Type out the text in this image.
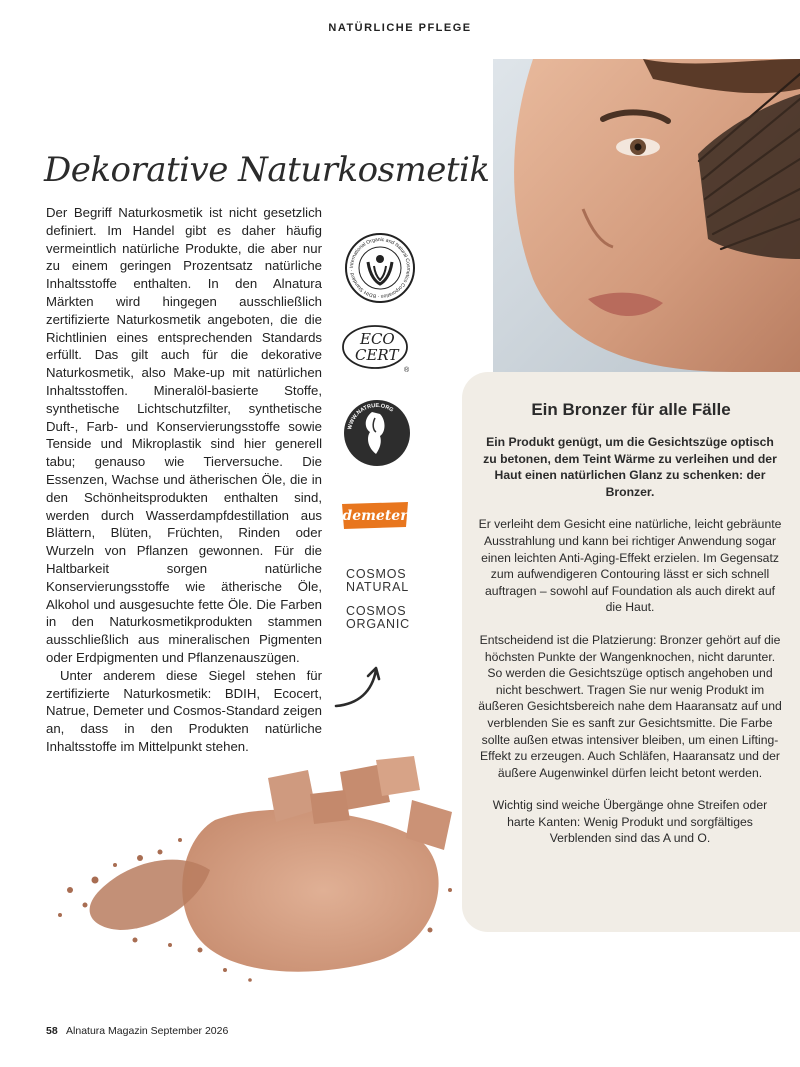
NATÜRLICHE PFLEGE
Dekorative Naturkosmetik

Der Begriff Naturkosmetik ist nicht gesetzlich definiert. Im Handel gibt es daher häufig vermeintlich natürliche Produkte, die aber nur zu einem geringen Prozentsatz natürliche Inhaltsstoffe enthalten. In den Alnatura Märkten wird hingegen ausschließlich zertifizierte Naturkosmetik angeboten, die die Richtlinien eines entsprechenden Standards erfüllt. Das gilt auch für die dekorative Naturkosmetik, also Make-up mit natürlichen Inhaltsstoffen. Mineralöl-basierte Stoffe, synthetische Lichtschutzfilter, synthetische Duft-, Farb- und Konservierungsstoffe sowie Tenside und Mikroplastik sind hier generell tabu; genauso wie Tierversuche. Die Essenzen, Wachse und ätherischen Öle, die in den Schönheitsprodukten enthalten sind, werden durch Wasserdampfdestillation aus Blättern, Blüten, Früchten, Rinden oder Wurzeln von Pflanzen gewonnen. Für die Haltbarkeit sorgen natürliche Konservierungsstoffe wie ätherische Öle, Alkohol und ausgesuchte fette Öle. Die Farben in den Naturkosmetikprodukten stammen ausschließlich aus mineralischen Pigmenten oder Erdpigmenten und Pflanzenauszügen.

Unter anderem diese Siegel stehen für zertifizierte Naturkosmetik: BDIH, Ecocert, Natrue, Demeter und Cosmos-Standard zeigen an, dass in den Produkten natürliche Inhaltsstoffe im Mittelpunkt stehen.

International Organic and Natural Cosmetics Corporation · BDIH Standard ·
ECO
CERT
®
WWW.NATRUE.ORG
demeter
COSMOS
NATURAL
COSMOS
ORGANIC
Ein Bronzer für alle Fälle

Ein Produkt genügt, um die Gesichtszüge optisch zu betonen, dem Teint Wärme zu verleihen und der Haut einen natürlichen Glanz zu schenken: der Bronzer.

Er verleiht dem Gesicht eine natürliche, leicht gebräunte Ausstrahlung und kann bei richtiger Anwendung sogar einen leichten Anti-Aging-Effekt erzielen. Im Gegensatz zum aufwendigeren Contouring lässt er sich schnell auftragen – sowohl auf Foundation als auch direkt auf die Haut.

Entscheidend ist die Platzierung: Bronzer gehört auf die höchsten Punkte der Wangenknochen, nicht darunter. So werden die Gesichtszüge optisch angehoben und nicht beschwert. Tragen Sie nur wenig Produkt im äußeren Gesichtsbereich nahe dem Haaransatz auf und verblenden Sie es sanft zur Gesichtsmitte. Die Farbe sollte außen etwas intensiver bleiben, um einen Lifting-Effekt zu erzeugen. Auch Schläfen, Haaransatz und der äußere Augenwinkel dürfen leicht betont werden.

Wichtig sind weiche Übergänge ohne Streifen oder harte Kanten: Wenig Produkt und sorgfältiges Verblenden sind das A und O.

58 Alnatura Magazin September 2026
